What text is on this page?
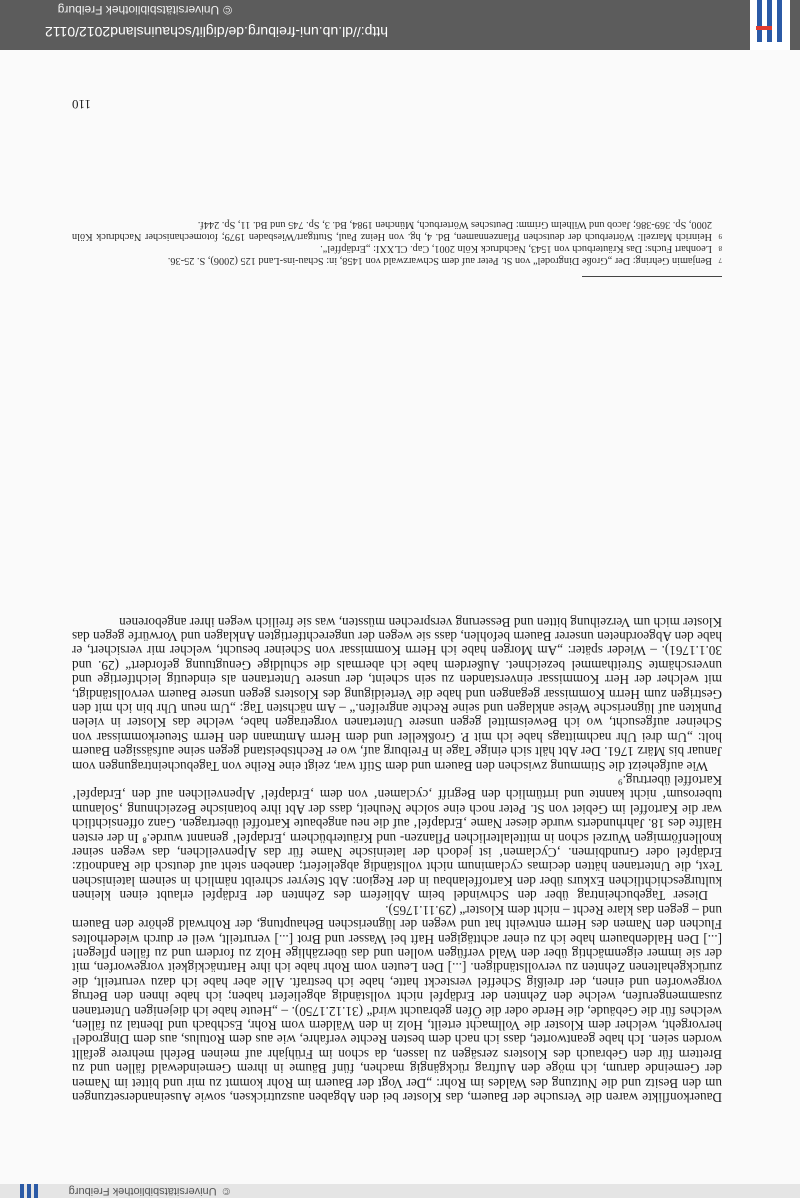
©
Universitätsbibliothek Freiburg

Dauerkonflikte waren die Versuche der Bauern, das Kloster bei den Abgaben auszutricksen, sowie Auseinandersetzungen um den Besitz und die Nutzung des Waldes im Rohr: „Der Vogt der Bauern im Rohr kommt zu mir und bittet im Namen der Gemeinde darum, ich möge den Auftrag rückgängig machen, fünf Bäume in ihrem Gemeindewald fällen und zu Brettern für den Gebrauch des Klosters zersägen zu lassen, da schon im Frühjahr auf meinen Befehl mehrere gefällt worden seien. Ich habe geantwortet, dass ich nach dem besten Rechte verfahre, wie aus dem Rotulus, aus dem Dingrodel¹ hervorgeht, welcher dem Kloster die Vollmacht erteilt, Holz in den Wäldern vom Rohr, Eschbach und Ibental zu fällen, welches für die Gebäude, die Herde oder die Öfen gebraucht wird“ (31.12.1750). – „Heute habe ich diejenigen Untertanen zusammengerufen, welche den Zehnten der Erdäpfel nicht vollständig abgeliefert haben; ich habe ihnen den Betrug vorgeworfen und einen, der dreißig Scheffel versteckt hatte, habe ich bestraft. Alle aber habe ich dazu verurteilt, die zurückgehaltenen Zehnten zu vervollständigen. [...] Den Leuten vom Rohr habe ich ihre Hartnäckigkeit vorgeworfen, mit der sie immer eigenmächtig über den Wald verfügen wollen und das überzählige Holz zu fordern und zu fällen pflegen! [...] Den Haldenbauern habe ich zu einer achttägigen Haft bei Wasser und Brot [...] verurteilt, weil er durch wiederholtes Fluchen den Namen des Herrn entweiht hat und wegen der lügnerischen Behauptung, der Rohrwald gehöre den Bauern und – gegen das klare Recht – nicht dem Kloster“ (29.11.1765).

Dieser Tagebucheintrag über den Schwindel beim Abliefern des Zehnten der Erdäpfel erlaubt einen kleinen kulturgeschichtlichen Exkurs über den Kartoffelanbau in der Region: Abt Steyrer schreibt nämlich in seinem lateinischen Text, die Untertanen hätten decimas cyclaminum nicht vollständig abgeliefert; daneben steht auf deutsch die Randnotiz: Erdäpfel oder Grundbirnen. ‚Cyclamen‘ ist jedoch der lateinische Name für das Alpenveilchen, das wegen seiner knollenförmigen Wurzel schon in mittelalterlichen Pflanzen- und Kräuterbüchern ‚Erdapfel‘ genannt wurde.⁸ In der ersten Hälfte des 18. Jahrhunderts wurde dieser Name ‚Erdapfel‘ auf die neu angebaute Kartoffel übertragen. Ganz offensichtlich war die Kartoffel im Gebiet von St. Peter noch eine solche Neuheit, dass der Abt ihre botanische Bezeichnung ‚Solanum tuberosum‘ nicht kannte und irrtümlich den Begriff ‚cyclamen‘ von dem ‚Erdapfel‘ Alpenveilchen auf den ‚Erdapfel‘ Kartoffel übertrug.⁹

Wie aufgeheizt die Stimmung zwischen den Bauern und dem Stift war, zeigt eine Reihe von Tagebucheintragungen vom Januar bis März 1761. Der Abt hält sich einige Tage in Freiburg auf, wo er Rechtsbeistand gegen seine aufsässigen Bauern holt: „Um drei Uhr nachmittags habe ich mit P. Großkeller und dem Herrn Amtmann den Herrn Steuerkommissar von Scheiner aufgesucht, wo ich Beweismittel gegen unsere Untertanen vorgetragen habe, welche das Kloster in vielen Punkten auf lügnerische Weise anklagen und seine Rechte angreifen.“ – Am nächsten Tag: „Um neun Uhr bin ich mit den Gestrigen zum Herrn Kommissar gegangen und habe die Verteidigung des Klosters gegen unsere Bauern vervollständigt, mit welcher der Herr Kommissar einverstanden zu sein scheint, der unsere Untertanen als eindeutig leichtfertige und unverschämte Streithammel bezeichnet. Außerdem habe ich abermals die schuldige Genugtuung gefordert“ (29. und 30.1.1761). – Wieder später: „Am Morgen habe ich Herrn Kommissar von Scheiner besucht, welcher mir versichert, er habe den Abgeordneten unserer Bauern befohlen, dass sie wegen der ungerechtfertigten Anklagen und Vorwürfe gegen das Kloster mich um Verzeihung bitten und Besserung versprechen müssten, was sie freilich wegen ihrer angeborenen

7
Benjamin Gehring: Der „Große Dingrodel“ von St. Peter auf dem Schwarzwald von 1458, in: Schau-ins-Land 125 (2006), S. 25-36.
8
Leonhart Fuchs: Das Kräuterbuch von 1543, Nachdruck Köln 2001, Cap. CLXXI: „Erdäpffel“.
9
Heinrich Marzell: Wörterbuch der deutschen Pflanzennamen, Bd. 4, hg. von Heinz Paul, Stuttgart/Wiesbaden 1979; fotomechanischer Nachdruck Köln 2000, Sp. 369-386; Jacob und Wilhelm Grimm: Deutsches Wörterbuch, München 1984, Bd. 3, Sp. 745 und Bd. 11, Sp. 244f.
110
http://dl.ub.uni-freiburg.de/diglit/schauinsland2012/0112
©
Universitätsbibliothek Freiburg
